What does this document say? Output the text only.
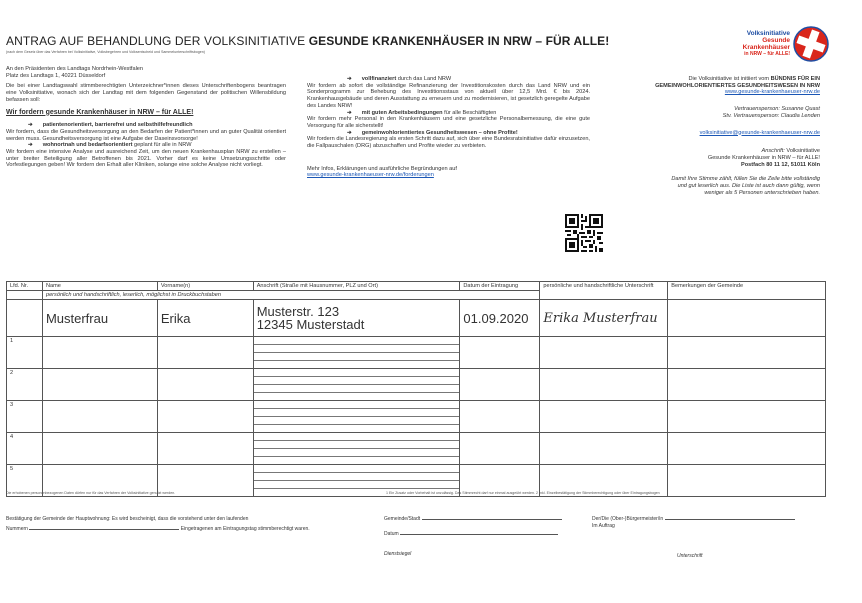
ANTRAG AUF BEHANDLUNG DER VOLKSINITIATIVE GESUNDE KRANKENHÄUSER IN NRW – FÜR ALLE!
(nach dem Gesetz über das Verfahren bei Volksinitiative, Volksbegehren und Volksentscheid und Sammelunterschriftsbogen)
Volksinitiative
Gesunde
Krankenhäuser
in NRW – für ALLE!
An den Präsidenten des Landtags Nordrhein-Westfalen
Platz des Landtags 1, 40221 Düsseldorf
Die bei einer Landtagswahl stimmberechtigten Unterzeichner*innen dieses Unterschriftenbogens beantragen eine Volksinitiative, wonach sich der Landtag mit dem folgenden Gegenstand der politischen Willensbildung befassen soll:
Wir fordern gesunde Krankenhäuser in NRW – für ALLE!
➔ patientenorientiert, barrierefrei und selbsthilfefreundlich
Wir fordern, dass die Gesundheitsversorgung an den Bedarfen der Patient*innen und an guter Qualität orientiert werden muss. Gesundheitsversorgung ist eine Aufgabe der Daseinsvorsorge!
➔ wohnortnah und bedarfsorientiert geplant für alle in NRW
Wir fordern eine intensive Analyse und ausreichend Zeit, um den neuen Krankenhausplan NRW zu erstellen – unter breiter Beteiligung aller Betroffenen bis 2021. Vorher darf es keine Umsetzungsschritte oder Vorfestlegungen geben! Wir fordern den Erhalt aller Kliniken, solange eine solche Analyse nicht vorliegt.
➔ vollfinanziert durch das Land NRW
Wir fordern ab sofort die vollständige Refinanzierung der Investitionskosten durch das Land NRW und ein Sonderprogramm zur Behebung des Investitionsstaus von aktuell über 12,5 Mrd. € bis 2024. Krankenhausgebäude und deren Ausstattung zu erneuern und zu modernisieren, ist gesetzlich geregelte Aufgabe des Landes NRW!
➔ mit guten Arbeitsbedingungen für alle Beschäftigten
Wir fordern mehr Personal in den Krankenhäusern und eine gesetzliche Personalbemessung, die eine gute Versorgung für alle sicherstellt!
➔ gemeinwohlorientiertes Gesundheitswesen – ohne Profite!
Wir fordern die Landesregierung als ersten Schritt dazu auf, sich über eine Bundesratsinitiative dafür einzusetzen, die Fallpauschalen (DRG) abzuschaffen und Profite wieder zu verbieten.
Mehr Infos, Erklärungen und ausführliche Begründungen auf
www.gesunde-krankenhaeuser-nrw.de/forderungen
Die Volksinitiative ist initiiert vom BÜNDNIS FÜR EIN GEMEINWOHLORIENTIERTES GESUNDHEITSWESEN IN NRW
www.gesunde-krankenhaeuser-nrw.de
Vertrauensperson: Susanne Quast
Stv. Vertrauensperson: Claudia Lenden
volksinitiative@gesunde-krankenhaeuser-nrw.de
Anschrift: Volksinitiative
Gesunde Krankenhäuser in NRW – für ALLE!
Postfach 80 11 12, 51011 Köln
Damit Ihre Stimme zählt, füllen Sie die Zeile bitte vollständig und gut leserlich aus. Die Liste ist auch dann gültig, wenn weniger als 5 Personen unterschrieben haben.
Lfd. Nr.	Name	Vorname(n)	Anschrift (Straße mit Hausnummer, PLZ und Ort)	Datum der Eintragung	persönliche und handschriftliche Unterschrift	Bemerkungen der Gemeinde
	persönlich und handschriftlich, leserlich, möglichst in Druckbuchstaben					
	Musterfrau	Erika	Musterstr. 123
12345 Musterstadt	01.09.2020	Erika Musterfrau	
1			

2			

3			

4			

5			

Die erhobenen personenbezogenen Daten dürfen nur für das Verfahren der Volksinitiative genutzt werden.	1 Ein Zusatz oder Vorbehalt ist unzulässig. Das Stimmrecht darf nur einmal ausgeübt werden. 2 Inkl. Einzelbestätigung der Stimmberechtigung oder über Eintragungsbogen
Bestätigung der Gemeinde der Hauptwohnung: Es wird bescheinigt, dass die vorstehend unter den laufenden
Nummern	Eingetragenen am Eintragungstag stimmberechtigt waren.
Gemeinde/Stadt
Datum
Dienstsiegel
Der/Die (Ober-)Bürgermeister/in
Im Auftrag
Unterschrift
